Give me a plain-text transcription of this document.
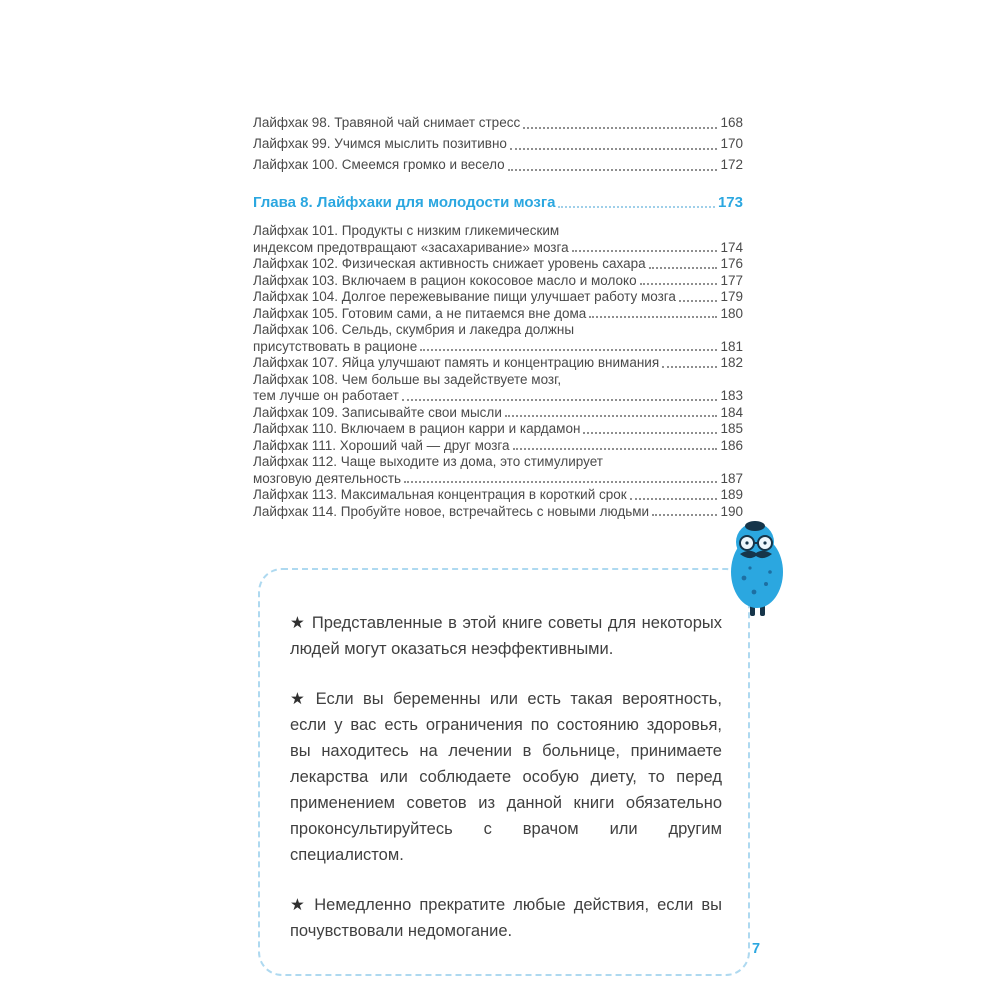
Лайфхак 98. Травяной чай снимает стресс	168
Лайфхак 99. Учимся мыслить позитивно	170
Лайфхак 100. Смеемся громко и весело	172
Глава 8. Лайфхаки для молодости мозга	173
Лайфхак 101. Продукты с низким гликемическим
индексом предотвращают «засахаривание» мозга	174
Лайфхак 102. Физическая активность снижает уровень сахара	176
Лайфхак 103. Включаем в рацион кокосовое масло и молоко	177
Лайфхак 104. Долгое пережевывание пищи улучшает работу мозга	179
Лайфхак 105. Готовим сами, а не питаемся вне дома	180
Лайфхак 106. Сельдь, скумбрия и лакедра должны
присутствовать в рационе	181
Лайфхак 107. Яйца улучшают память и концентрацию внимания	182
Лайфхак 108. Чем больше вы задействуете мозг,
тем лучше он работает	183
Лайфхак 109. Записывайте свои мысли	184
Лайфхак 110. Включаем в рацион карри и кардамон	185
Лайфхак 111. Хороший чай — друг мозга	186
Лайфхак 112. Чаще выходите из дома, это стимулирует
мозговую деятельность	187
Лайфхак 113. Максимальная концентрация в короткий срок	189
Лайфхак 114. Пробуйте новое, встречайтесь с новыми людьми	190
★ Представленные в этой книге советы для некоторых людей могут оказаться неэффективными.
★ Если вы беременны или есть такая вероятность, если у вас есть ограничения по состоянию здоровья, вы находитесь на лечении в больнице, принимаете лекарства или соблюдаете особую диету, то перед применением советов из данной книги обязательно проконсультируйтесь с врачом или другим специалистом.
★ Немедленно прекратите любые действия, если вы почувствовали недомогание.
7
